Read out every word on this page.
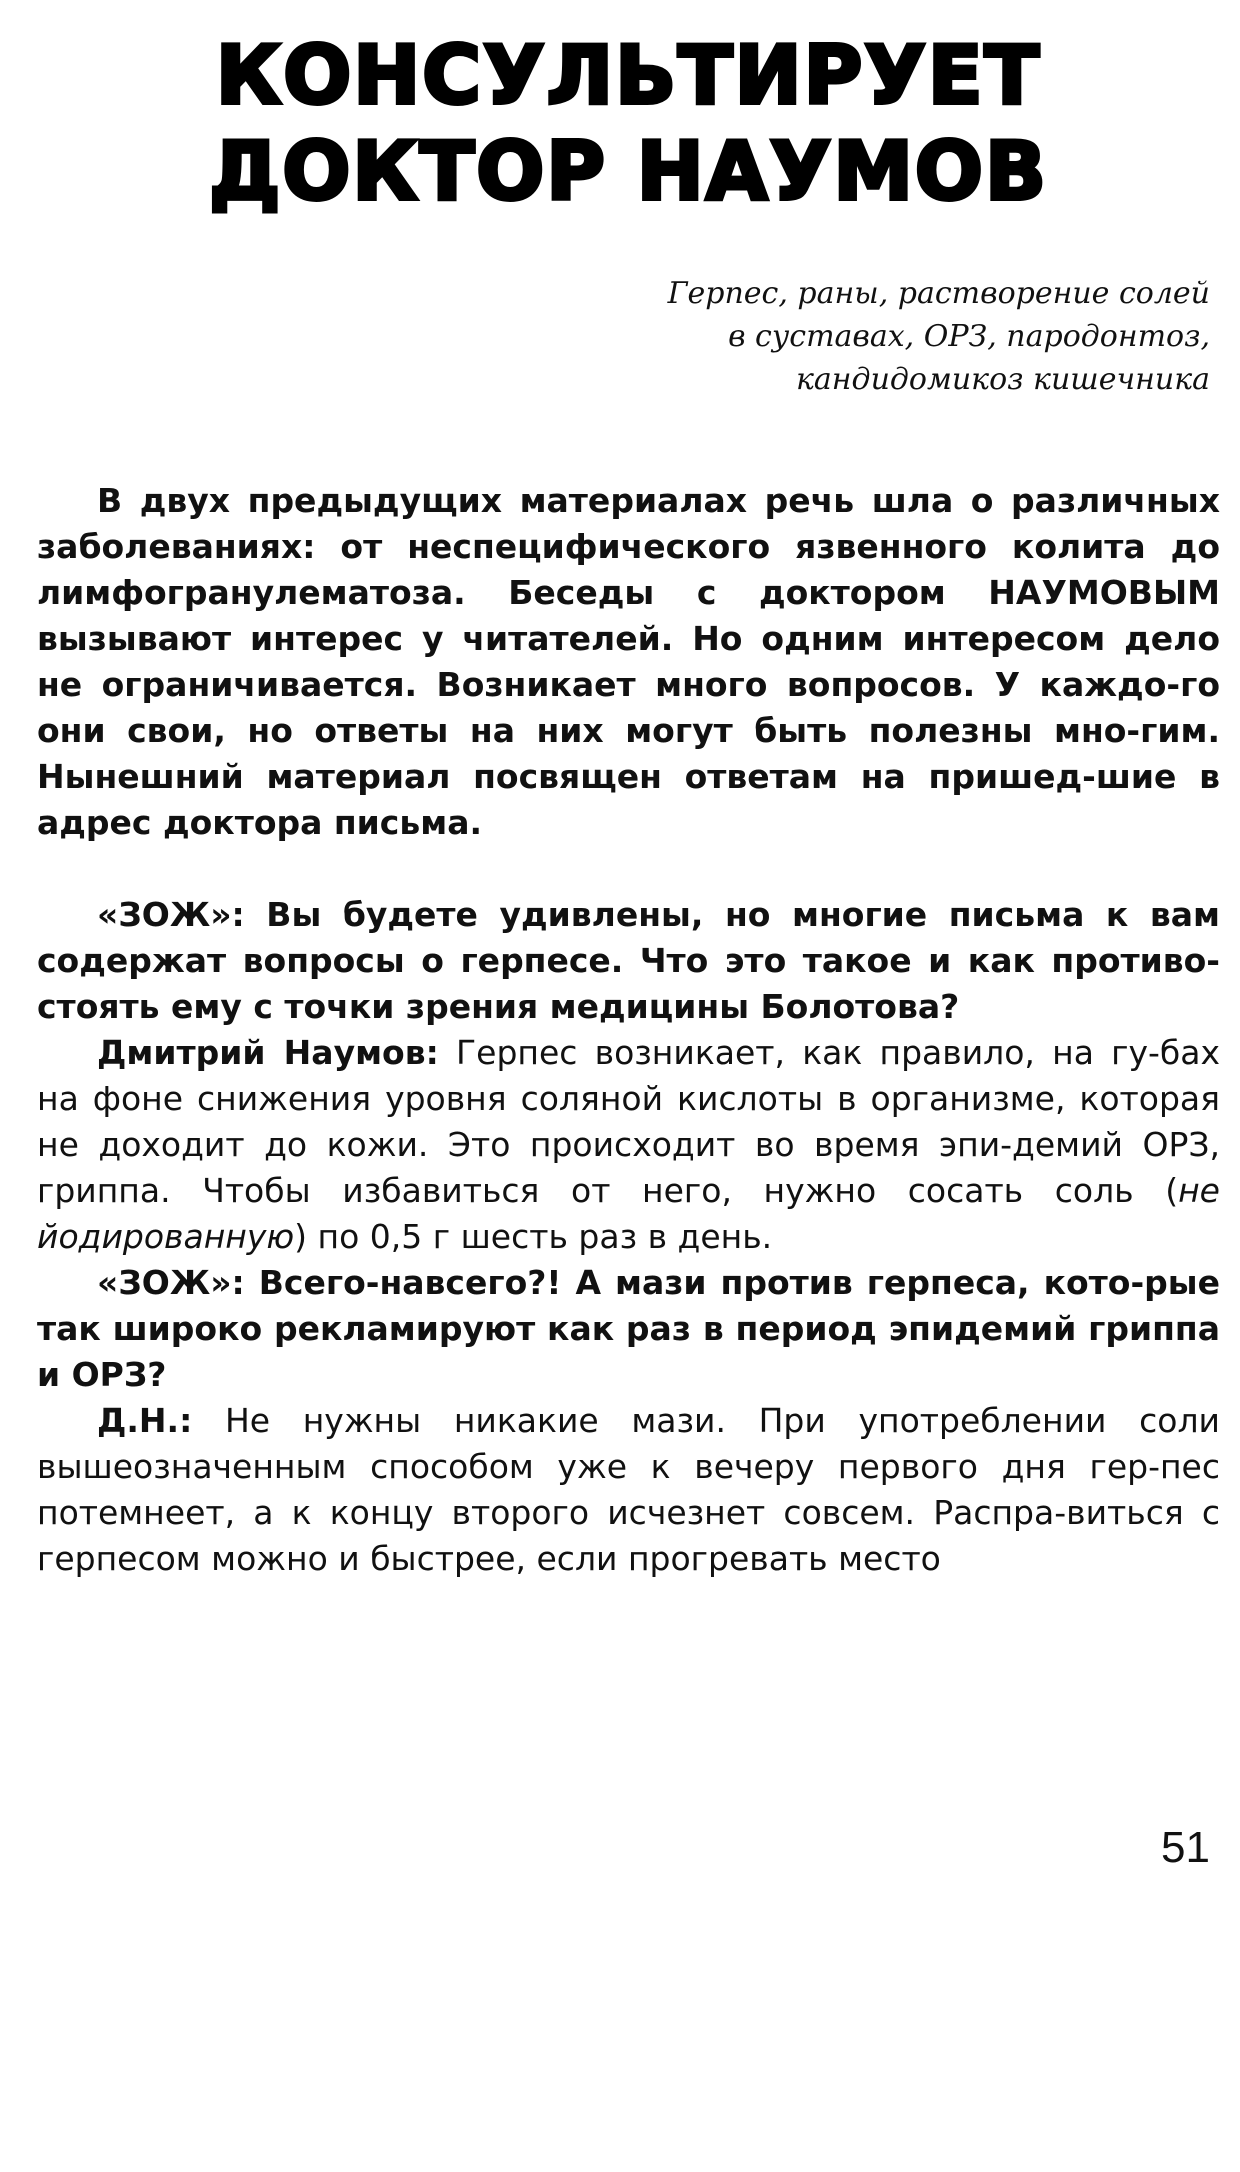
КОНСУЛЬТИРУЕТ
ДОКТОР НАУМОВ
Герпес, раны, растворение солей
в суставах, ОРЗ, пародонтоз,
кандидомикоз кишечника

В двух предыдущих материалах речь шла о различных заболеваниях: от неспецифического язвенного колита до лимфогранулематоза. Беседы с доктором НАУМОВЫМ вызывают интерес у читателей. Но одним интересом дело не ограничивается. Возникает много вопросов. У каждо-го они свои, но ответы на них могут быть полезны мно-гим. Нынешний материал посвящен ответам на пришед-шие в адрес доктора письма.

«ЗОЖ»: Вы будете удивлены, но многие письма к вам содержат вопросы о герпесе. Что это такое и как противо-стоять ему с точки зрения медицины Болотова?

Дмитрий Наумов: Герпес возникает, как правило, на гу-бах на фоне снижения уровня соляной кислоты в организме, которая не доходит до кожи. Это происходит во время эпи-демий ОРЗ, гриппа. Чтобы избавиться от него, нужно сосать соль (не йодированную) по 0,5 г шесть раз в день.

«ЗОЖ»: Всего-навсего?! А мази против герпеса, кото-рые так широко рекламируют как раз в период эпидемий гриппа и ОРЗ?

Д.Н.: Не нужны никакие мази. При употреблении соли вышеозначенным способом уже к вечеру первого дня гер-пес потемнеет, а к концу второго исчезнет совсем. Распра-виться с герпесом можно и быстрее, если прогревать место

51
